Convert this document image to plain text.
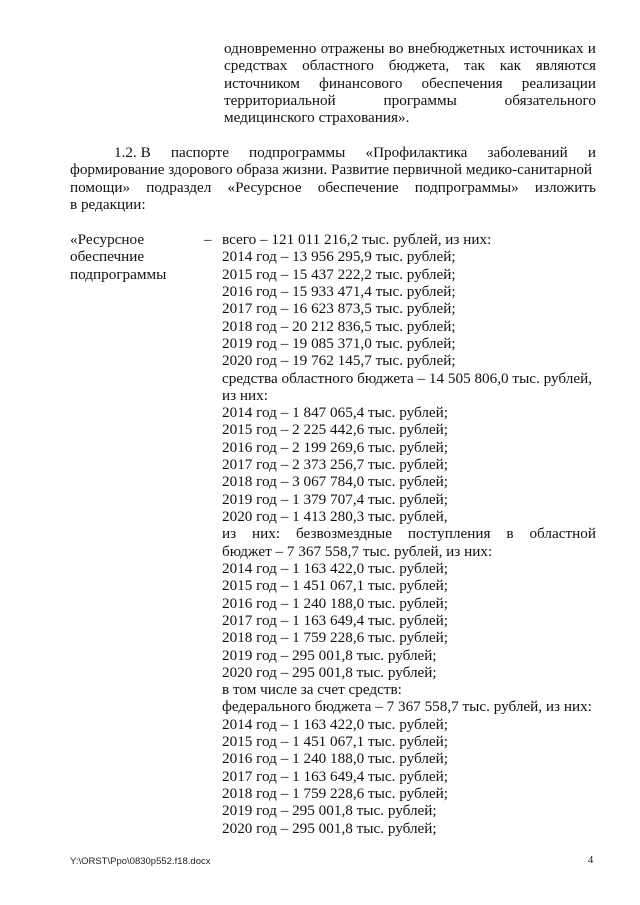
одновременно отражены во внебюджетных источниках и
средствах областного бюджета, так как являются
источником финансового обеспечения реализации
территориальной	программы	обязательного
медицинского страхования».
1.2. В паспорте подпрограммы «Профилактика заболеваний и
формирование здорового образа жизни. Развитие первичной медико-санитарной
помощи» подраздел «Ресурсное обеспечение подпрограммы» изложить
в редакции:
«Ресурсное
обеспечние
подпрограммы
– всего – 121 011 216,2 тыс. рублей, из них:
2014 год – 13 956 295,9 тыс. рублей;
2015 год – 15 437 222,2 тыс. рублей;
2016 год – 15 933 471,4 тыс. рублей;
2017 год – 16 623 873,5 тыс. рублей;
2018 год – 20 212 836,5 тыс. рублей;
2019 год – 19 085 371,0 тыс. рублей;
2020 год – 19 762 145,7 тыс. рублей;
средства областного бюджета – 14 505 806,0 тыс. рублей,
из них:
2014 год – 1 847 065,4 тыс. рублей;
2015 год – 2 225 442,6 тыс. рублей;
2016 год – 2 199 269,6 тыс. рублей;
2017 год – 2 373 256,7 тыс. рублей;
2018 год – 3 067 784,0 тыс. рублей;
2019 год – 1 379 707,4 тыс. рублей;
2020 год – 1 413 280,3 тыс. рублей,
из них: безвозмездные поступления в областной
бюджет – 7 367 558,7 тыс. рублей, из них:
2014 год – 1 163 422,0 тыс. рублей;
2015 год – 1 451 067,1 тыс. рублей;
2016 год – 1 240 188,0 тыс. рублей;
2017 год – 1 163 649,4 тыс. рублей;
2018 год – 1 759 228,6 тыс. рублей;
2019 год – 295 001,8 тыс. рублей;
2020 год – 295 001,8 тыс. рублей;
в том числе за счет средств:
федерального бюджета – 7 367 558,7 тыс. рублей, из них:
2014 год – 1 163 422,0 тыс. рублей;
2015 год – 1 451 067,1 тыс. рублей;
2016 год – 1 240 188,0 тыс. рублей;
2017 год – 1 163 649,4 тыс. рублей;
2018 год – 1 759 228,6 тыс. рублей;
2019 год – 295 001,8 тыс. рублей;
2020 год – 295 001,8 тыс. рублей;
Y:\ORST\Ppo\0830p552.f18.docx	4
